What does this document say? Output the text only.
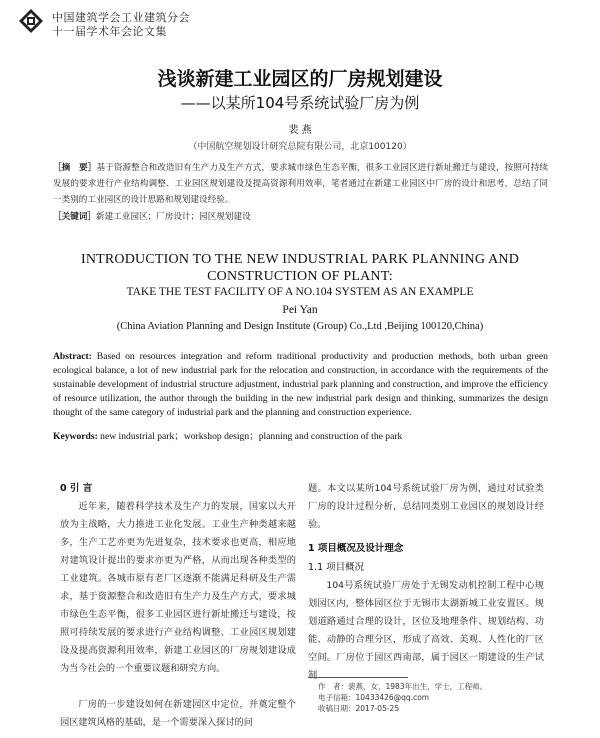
中国建筑学会工业建筑分会
十一届学术年会论文集
浅谈新建工业园区的厂房规划建设
——以某所104号系统试验厂房为例
裴 燕
（中国航空规划设计研究总院有限公司，北京100120）
［摘　要］基于资源整合和改造旧有生产力及生产方式，要求城市绿色生态平衡，很多工业园区进行新址搬迁与建设，按照可持续发展的要求进行产业结构调整、工业园区规划建设及提高资源利用效率，笔者通过在新建工业园区中厂房的设计和思考，总结了同一类别的工业园区的设计思路和规划建设经验。
［关键词］新建工业园区；厂房设计；园区规划建设
INTRODUCTION TO THE NEW INDUSTRIAL PARK PLANNING AND
CONSTRUCTION OF PLANT:
TAKE THE TEST FACILITY OF A NO.104 SYSTEM AS AN EXAMPLE
Pei Yan
(China Aviation Planning and Design Institute (Group) Co.,Ltd ,Beijing 100120,China)
Abstract: Based on resources integration and reform traditional productivity and production methods, both urban green ecological balance, a lot of new industrial park for the relocation and construction, in accordance with the requirements of the sustainable development of industrial structure adjustment, industrial park planning and construction, and improve the efficiency of resource utilization, the author through the building in the new industrial park design and thinking, summarizes the design thought of the same category of industrial park and the planning and construction experience.
Keywords: new industrial park；workshop design；planning and construction of the park
0 引 言
近年来，随着科学技术及生产力的发展，国家以大开放为主战略，大力推进工业化发展。工业生产种类越来越多，生产工艺亦更为先进复杂，技术要求也更高，相应地对建筑设计提出的要求亦更为严格，从而出现各种类型的工业建筑。各城市原有老厂区逐渐不能满足科研及生产需求，基于资源整合和改造旧有生产力及生产方式，要求城市绿色生态平衡，很多工业园区进行新址搬迁与建设，按照可持续发展的要求进行产业结构调整、工业园区规划建设及提高资源利用效率，新建工业园区的厂房规划建设成为当今社会的一个重要议题和研究方向。
厂房的一步建设如何在新建园区中定位，并奠定整个园区建筑风格的基础，是一个需要深入探讨的问
题。本文以某所104号系统试验厂房为例，通过对试验类厂房的设计过程分析，总结同类别工业园区的规划设计经验。
1 项目概况及设计理念
1.1 项目概况
104号系统试验厂房处于无锡发动机控制工程中心规划园区内，整体园区位于无锡市太湖新城工业安置区。规划道路通过合理的设计，区位及地理条件、规划结构、功能、动静的合理分区，形成了高效、美观、人性化的厂区空间。厂房位于园区西南部，属于园区一期建设的生产试制
作　者：裴燕，女，1983年出生，学士，工程师。
电子信箱：10433426@qq.com
收稿日期：2017-05-25
